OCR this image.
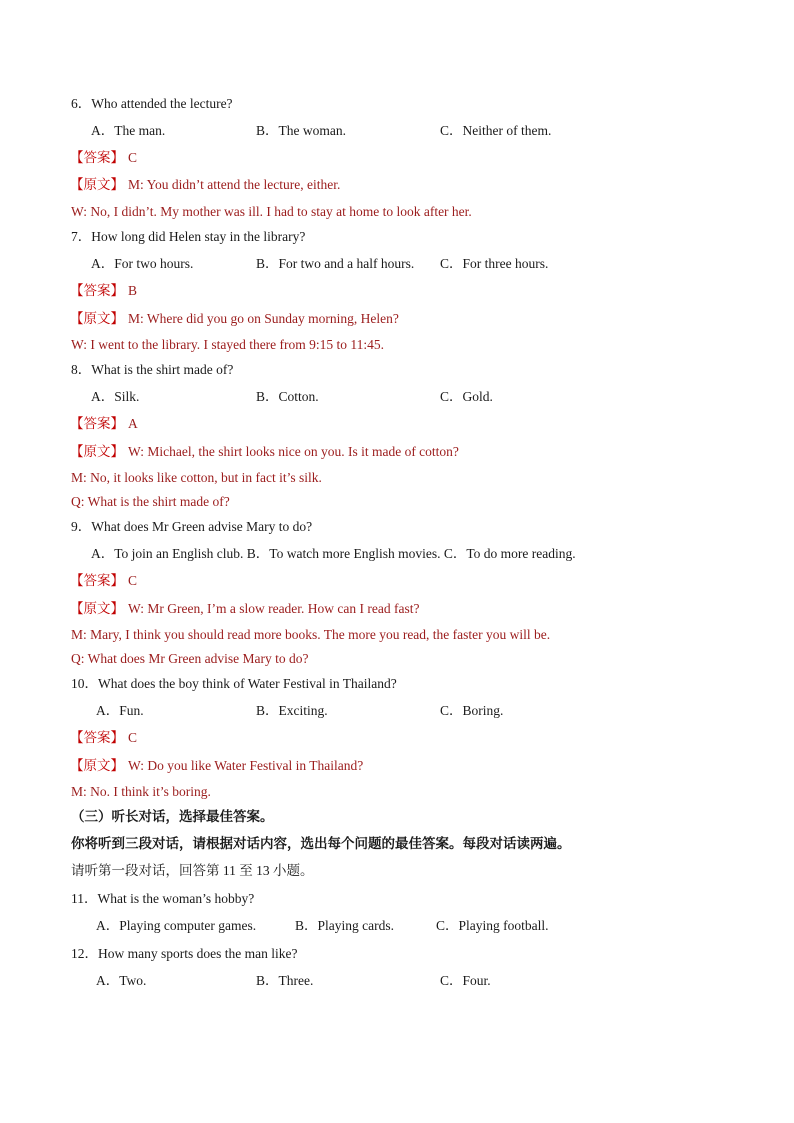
6．Who attended the lecture?
A．The man.	B．The woman.	C．Neither of them.
【答案】 C
【原文】 M: You didn’t attend the lecture, either.
W: No, I didn’t. My mother was ill. I had to stay at home to look after her.
7．How long did Helen stay in the library?
A．For two hours.	B．For two and a half hours. C．For three hours.
【答案】 B
【原文】 M: Where did you go on Sunday morning, Helen?
W: I went to the library. I stayed there from 9:15 to 11:45.
8．What is the shirt made of?
A．Silk.	B．Cotton.	C．Gold.
【答案】 A
【原文】 W: Michael, the shirt looks nice on you. Is it made of cotton?
M: No, it looks like cotton, but in fact it’s silk.
Q: What is the shirt made of?
9．What does Mr Green advise Mary to do?
A．To join an English club. B．To watch more English movies. C．To do more reading.
【答案】 C
【原文】 W: Mr Green, I’m a slow reader. How can I read fast?
M: Mary, I think you should read more books. The more you read, the faster you will be.
Q: What does Mr Green advise Mary to do?
10．What does the boy think of Water Festival in Thailand?
A．Fun.	B．Exciting.	C．Boring.
【答案】 C
【原文】 W: Do you like Water Festival in Thailand?
M: No. I think it’s boring.
（三）听长对话，选择最佳答案。
你将听到三段对话，请根据对话内容，选出每个问题的最佳答案。每段对话读两遍。
请听第一段对话，回答第 11 至 13 小题。
11．What is the woman’s hobby?
A．Playing computer games.	B．Playing cards.	C．Playing football.
12．How many sports does the man like?
A．Two.	B．Three.	C．Four.
